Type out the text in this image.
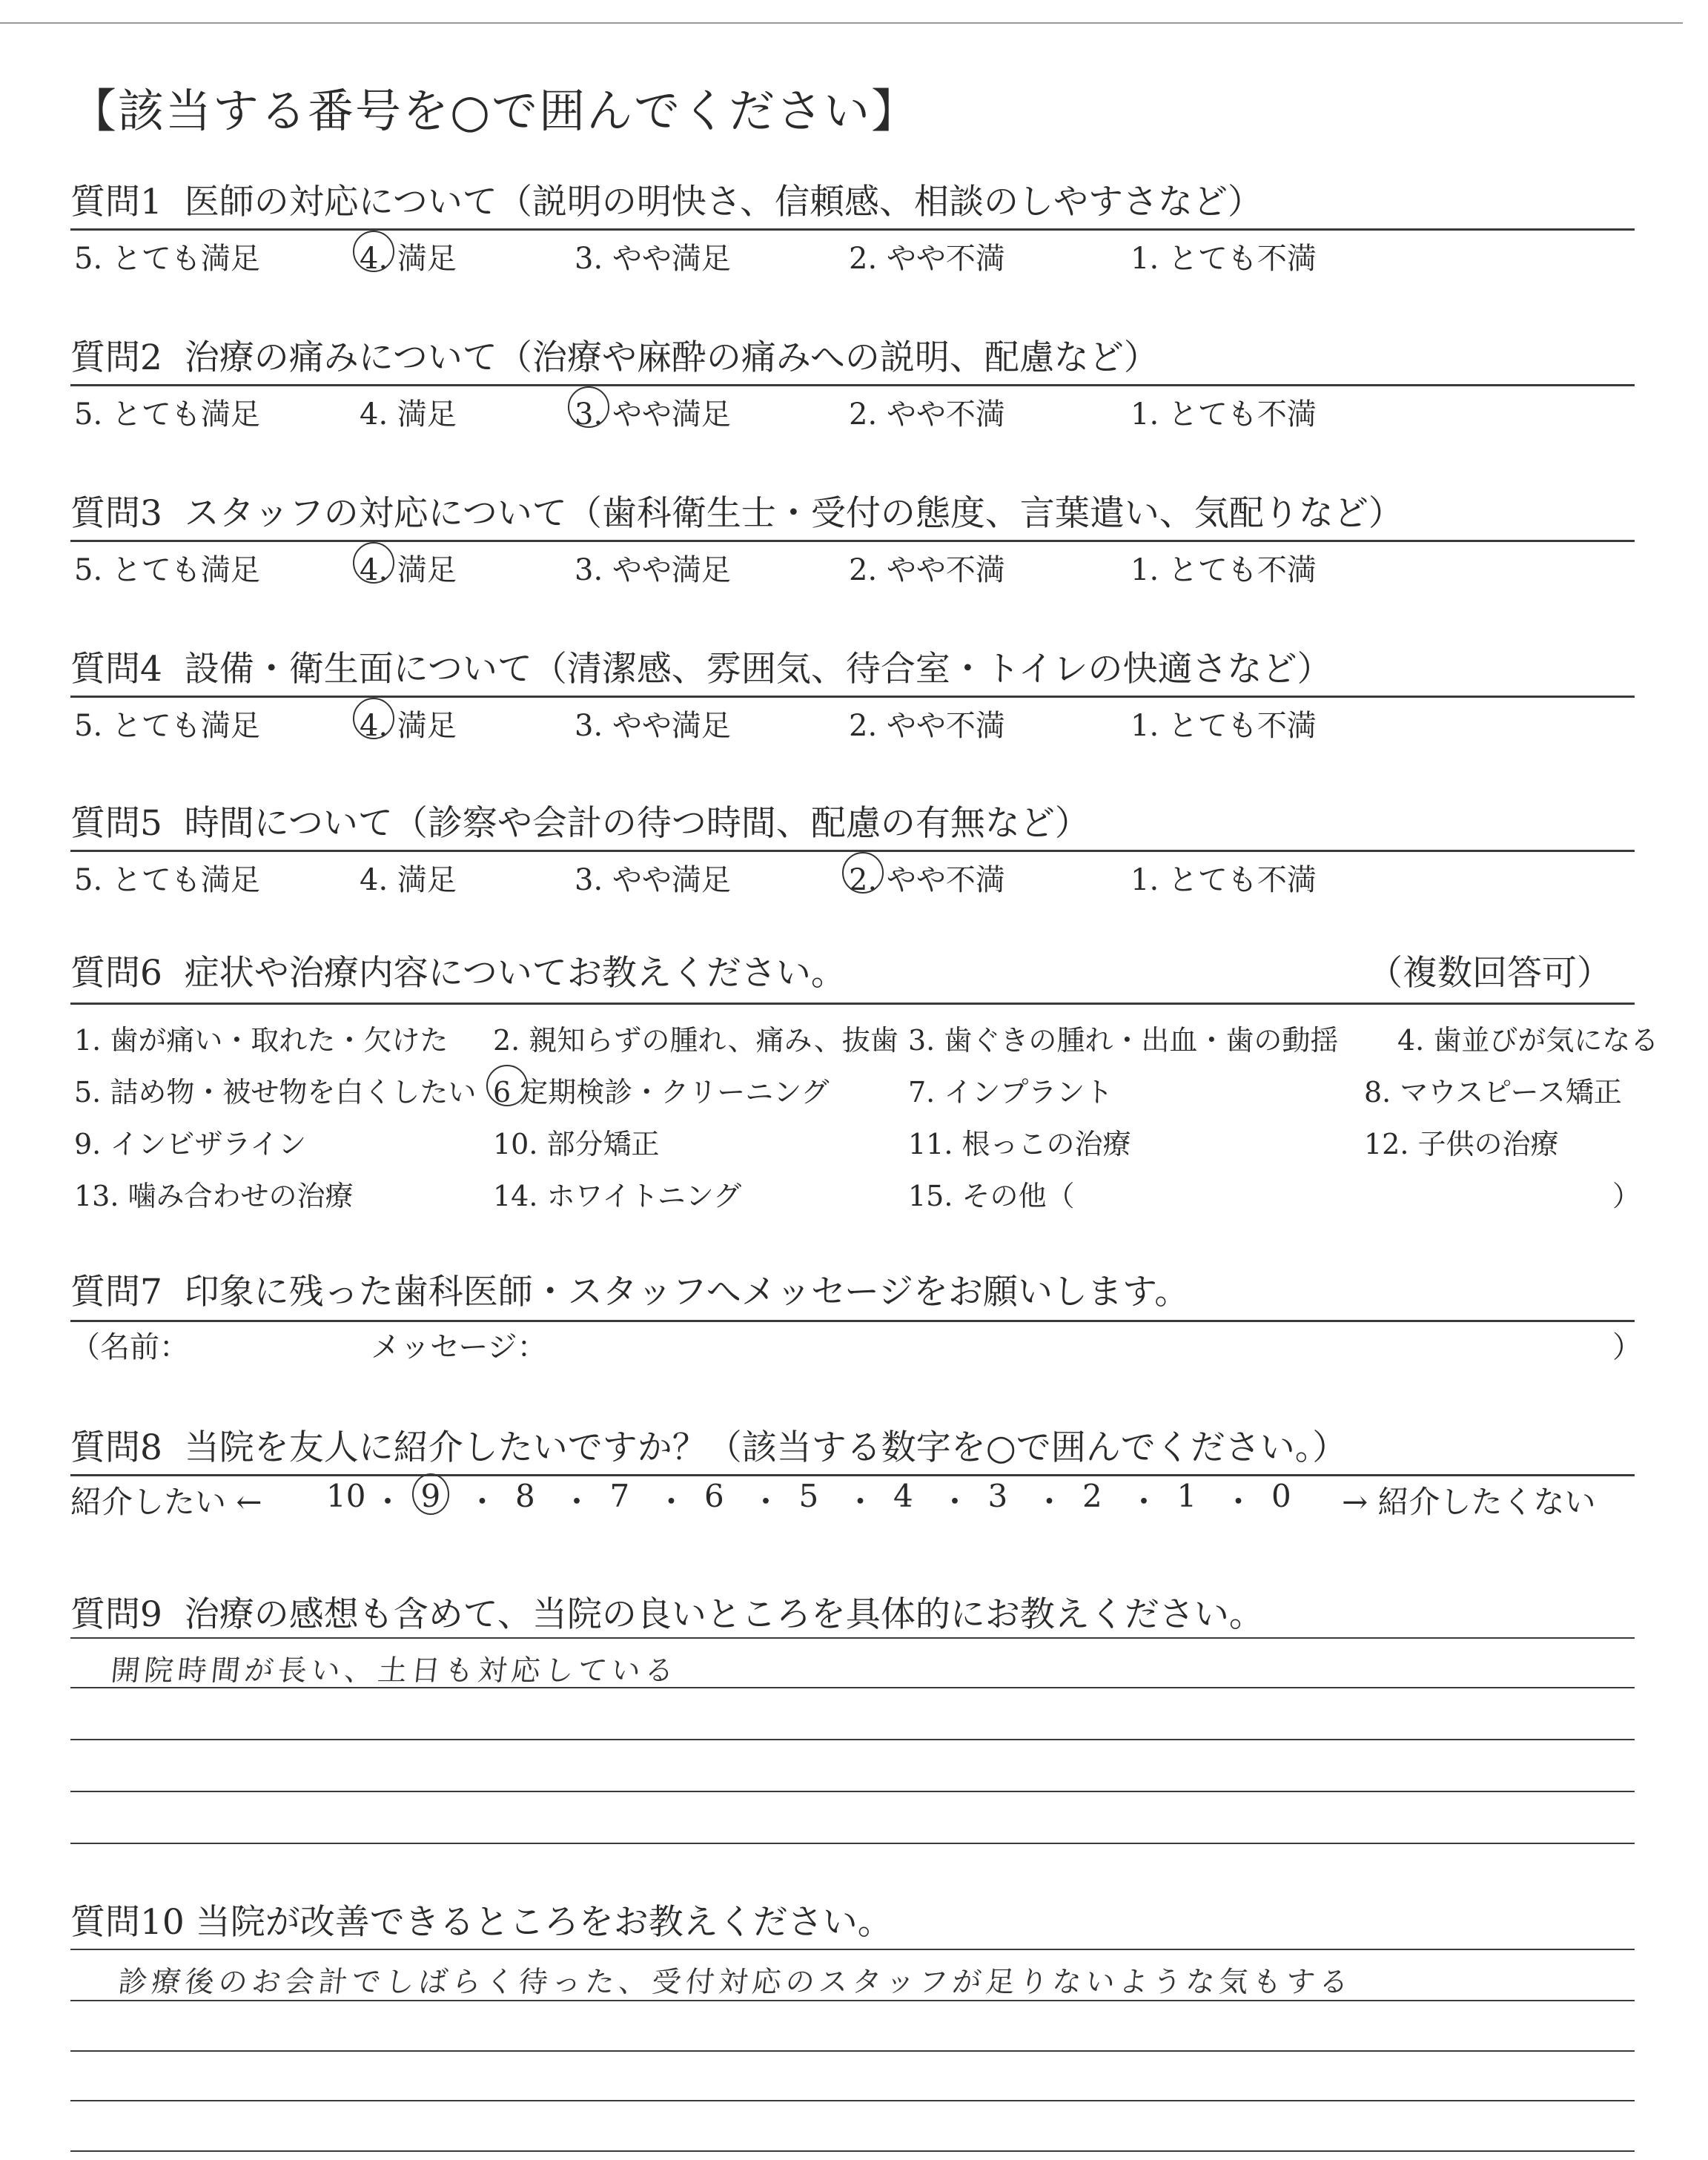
【該当する番号を○で囲んでください】
質問1 医師の対応について（説明の明快さ、信頼感、相談のしやすさなど）
5. とても満足	4. 満足	3. やや満足	2. やや不満	1. とても不満
質問2 治療の痛みについて（治療や麻酔の痛みへの説明、配慮など）
5. とても満足	4. 満足	3. やや満足	2. やや不満	1. とても不満
質問3 スタッフの対応について（歯科衛生士・受付の態度、言葉遣い、気配りなど）
5. とても満足	4. 満足	3. やや満足	2. やや不満	1. とても不満
質問4 設備・衛生面について（清潔感、雰囲気、待合室・トイレの快適さなど）
5. とても満足	4. 満足	3. やや満足	2. やや不満	1. とても不満
質問5 時間について（診察や会計の待つ時間、配慮の有無など）
5. とても満足	4. 満足	3. やや満足	2. やや不満	1. とても不満
質問6 症状や治療内容についてお教えください。	（複数回答可）
1. 歯が痛い・取れた・欠けた 2. 親知らずの腫れ、痛み、抜歯 3. 歯ぐきの腫れ・出血・歯の動揺 4. 歯並びが気になる
5. 詰め物・被せ物を白くしたい 6 定期検診・クリーニング	7. インプラント	8. マウスピース矯正
9. インビザライン	10. 部分矯正	11. 根っこの治療	12. 子供の治療
13. 噛み合わせの治療	14. ホワイトニング	15. その他（	）
質問7 印象に残った歯科医師・スタッフへメッセージをお願いします。
（名前：	メッセージ：	）
質問8 当院を友人に紹介したいですか？（該当する数字を○で囲んでください。）
紹介したい ← 10 ・ 9 ・ 8 ・ 7 ・ 6 ・ 5 ・ 4 ・ 3 ・ 2 ・ 1 ・ 0 → 紹介したくない
質問9 治療の感想も含めて、当院の良いところを具体的にお教えください。
開院時間が長い、土日も対応している
質問10 当院が改善できるところをお教えください。
診療後のお会計でしばらく待った、受付対応のスタッフが足りないような気もする
